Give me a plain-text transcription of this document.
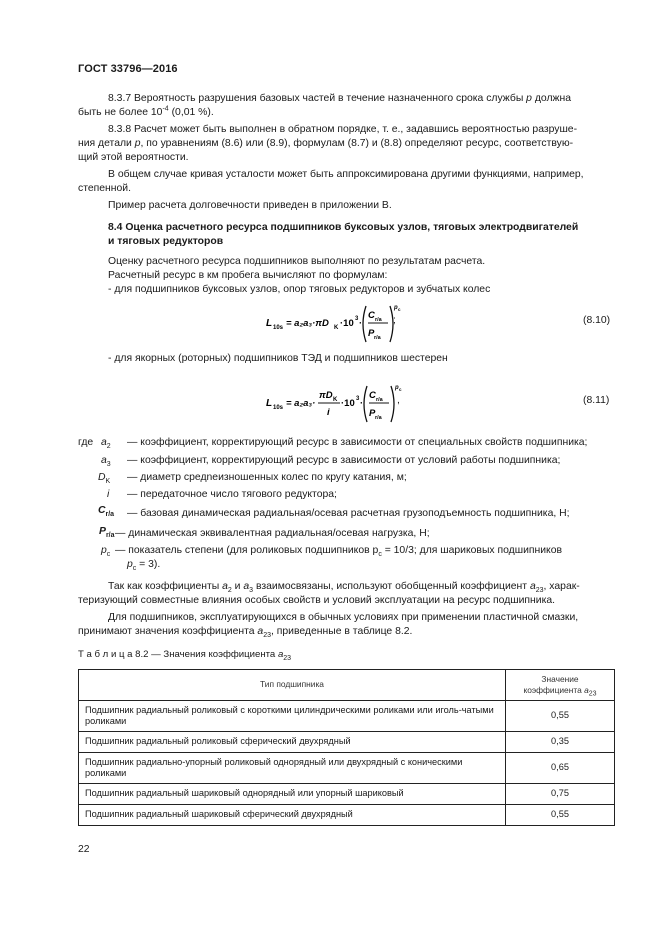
ГОСТ 33796—2016
8.3.7 Вероятность разрушения базовых частей в течение назначенного срока службы p должна
быть не более $10^{-4}$ (0,01 %).
8.3.8 Расчет может быть выполнен в обратном порядке, т. е., задавшись вероятностью разруше-
ния детали p, по уравнениям (8.6) или (8.9), формулам (8.7) и (8.8) определяют ресурс, соответствую-
щий этой вероятности.
В общем случае кривая усталости может быть аппроксимирована другими функциями, например,
степенной.
Пример расчета долговечности приведен в приложении В.
8.4 Оценка расчетного ресурса подшипников буксовых узлов, тяговых электродвигателей
и тяговых редукторов
Оценку расчетного ресурса подшипников выполняют по результатам расчета.
Расчетный ресурс в км пробега вычисляют по формулам:
- для подшипников буксовых узлов, опор тяговых редукторов и зубчатых колес
L 10s = a₂a₃·πD K ·10 3 ·
C r/a
P r/a
p c
;	(8.10)
- для якорных (роторных) подшипников ТЭД и подшипников шестерен
L 10s = a₂a₃·
πD K
i
·10 3 ·
C r/a
P r/a
p c
,	(8.11)
где $a_2$ — коэффициент, корректирующий ресурс в зависимости от специальных свойств подшипника;
$a_3$ — коэффициент, корректирующий ресурс в зависимости от условий работы подшипника;
$D_K$ — диаметр средneизношенных колес по кругу катания, м;
i — передаточное число тягового редуктора;
$C_{r/a}$ — базовая динамическая радиальная/осевая расчетная грузоподъемность подшипника, Н;
$P_{r/a}$ — динамическая эквивалентная радиальная/осевая нагрузка, Н;
$p_c$ — показатель степени (для роликовых подшипников $p_c = 10/3$; для шариковых подшипников
$p_c = 3$).
Так как коэффициенты $a_2$ и $a_3$ взаимосвязаны, используют обобщенный коэффициент $a_{23}$, харак-
теризующий совместные влияния особых свойств и условий эксплуатации на ресурс подшипника.
Для подшипников, эксплуатирующихся в обычных условиях при применении пластичной смазки,
принимают значения коэффициента $a_{23}$, приведенные в таблице 8.2.
Т а б л и ц а 8.2 — Значения коэффициента $a_{23}$
Тип подшипника	Значение
коэффициента $a_{23}$
Подшипник радиальный роликовый с короткими цилиндрическими роликами или иголь-чатыми роликами	0,55
Подшипник радиальный роликовый сферический двухрядный	0,35
Подшипник радиально-упорный роликовый однорядный или двухрядный с коническими роликами	0,65
Подшипник радиальный шариковый однорядный или упорный шариковый	0,75
Подшипник радиальный шариковый сферический двухрядный	0,55
22
